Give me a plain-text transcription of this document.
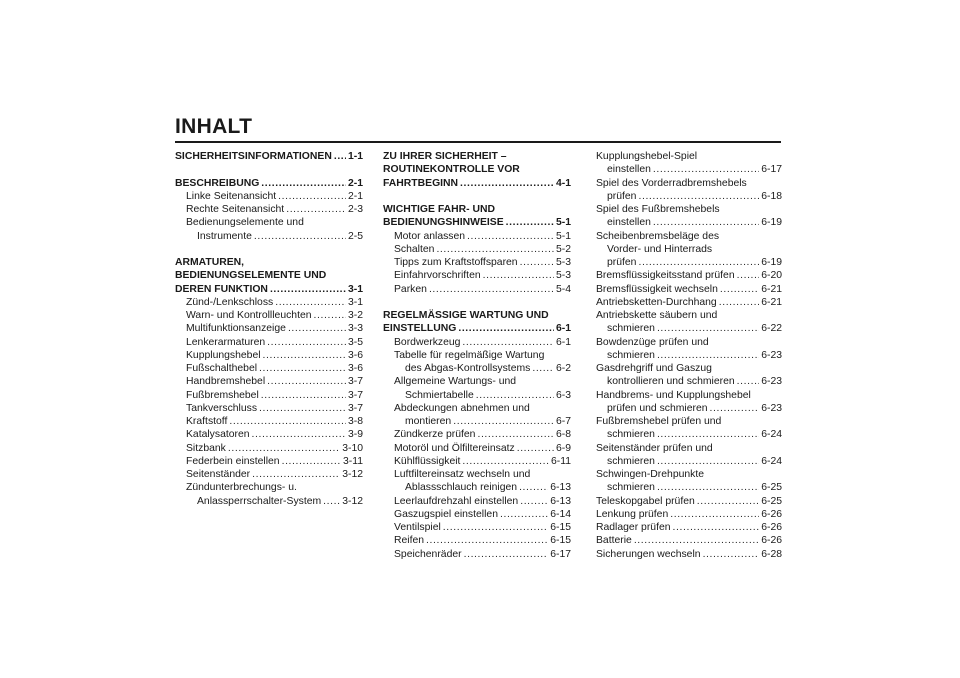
INHALT
SICHERHEITSINFORMATIONEN ..... 1-1
BESCHREIBUNG .....	2-1
Linke Seitenansicht .....	2-1
Rechte Seitenansicht .....	2-3
Bedienungselemente und
Instrumente .....	2-5
ARMATUREN,
BEDIENUNGSELEMENTE UND
DEREN FUNKTION .....	3-1
Zünd-/Lenkschloss .....	3-1
Warn- und Kontrollleuchten .....	3-2
Multifunktionsanzeige .....	3-3
Lenkerarmaturen .....	3-5
Kupplungshebel .....	3-6
Fußschalthebel .....	3-6
Handbremshebel .....	3-7
Fußbremshebel .....	3-7
Tankverschluss .....	3-7
Kraftstoff .....	3-8
Katalysatoren .....	3-9
Sitzbank .....	3-10
Federbein einstellen .....	3-11
Seitenständer .....	3-12
Zündunterbrechungs- u.
Anlassperrschalter-System ..... 3-12
ZU IHRER SICHERHEIT –
ROUTINEKONTROLLE VOR
FAHRTBEGINN .....	4-1
WICHTIGE FAHR- UND
BEDIENUNGSHINWEISE .....	5-1
Motor anlassen .....	5-1
Schalten .....	5-2
Tipps zum Kraftstoffsparen .....	5-3
Einfahrvorschriften .....	5-3
Parken .....	5-4
REGELMÄSSIGE WARTUNG UND
EINSTELLUNG .....	6-1
Bordwerkzeug .....	6-1
Tabelle für regelmäßige Wartung
des Abgas-Kontrollsystems ..... 6-2
Allgemeine Wartungs- und
Schmiertabelle .....	6-3
Abdeckungen abnehmen und
montieren .....	6-7
Zündkerze prüfen .....	6-8
Motoröl und Ölfiltereinsatz .....	6-9
Kühlflüssigkeit .....	6-11
Luftfiltereinsatz wechseln und
Ablassschlauch reinigen .....	6-13
Leerlaufdrehzahl einstellen .....	6-13
Gaszugspiel einstellen .....	6-14
Ventilspiel .....	6-15
Reifen .....	6-15
Speichenräder .....	6-17
Kupplungshebel-Spiel
einstellen .....	6-17
Spiel des Vorderradbremshebels
prüfen .....	6-18
Spiel des Fußbremshebels
einstellen .....	6-19
Scheibenbremsbeläge des
Vorder- und Hinterrads
prüfen .....	6-19
Bremsflüssigkeitsstand prüfen .....	6-20
Bremsflüssigkeit wechseln .....	6-21
Antriebsketten-Durchhang .....	6-21
Antriebskette säubern und
schmieren .....	6-22
Bowdenzüge prüfen und
schmieren .....	6-23
Gasdrehgriff und Gaszug
kontrollieren und schmieren .....	6-23
Handbrems- und Kupplungshebel
prüfen und schmieren .....	6-23
Fußbremshebel prüfen und
schmieren .....	6-24
Seitenständer prüfen und
schmieren .....	6-24
Schwingen-Drehpunkte
schmieren .....	6-25
Teleskopgabel prüfen .....	6-25
Lenkung prüfen .....	6-26
Radlager prüfen .....	6-26
Batterie .....	6-26
Sicherungen wechseln .....	6-28
